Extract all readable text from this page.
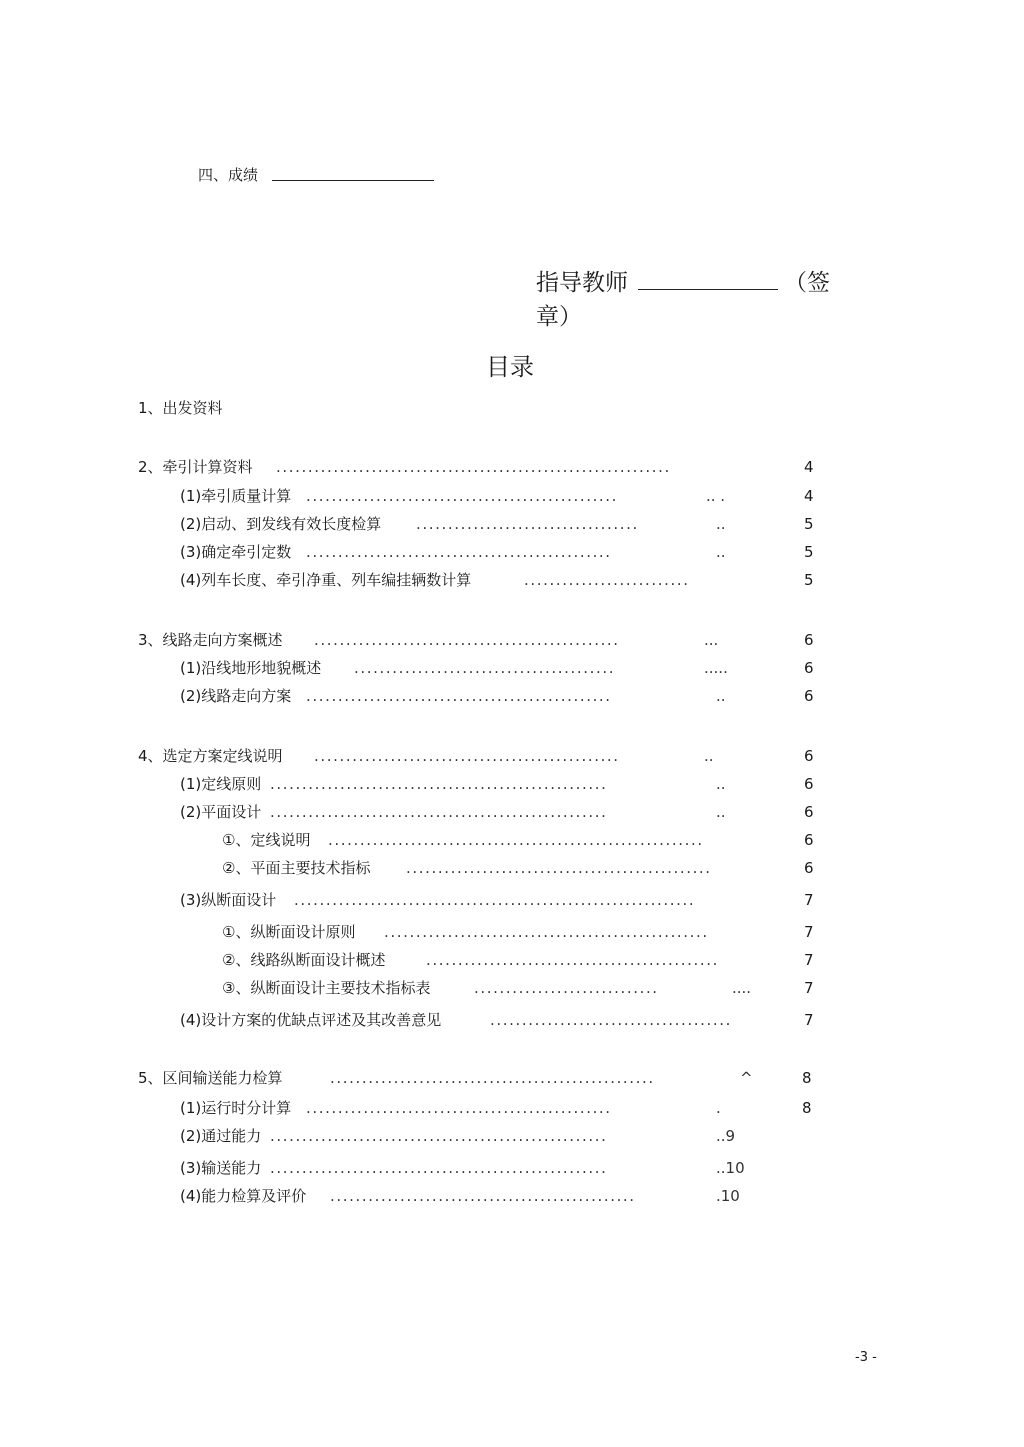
四、成绩
指导教师	（签
章）
目录
1、出发资料
2、牵引计算资料 ..............................................................	4
(1)牵引质量计算 .................................................	.. .	4
(2)启动、到发线有效长度检算 ...................................	..	5
(3)确定牵引定数 ................................................	..	5
(4)列车长度、牵引净重、列车编挂辆数计算	..........................	5
3、线路走向方案概述 ................................................	...	6
(1)沿线地形地貌概述 .........................................	.....	6
(2)线路走向方案 ................................................	..	6
4、选定方案定线说明 ................................................	..	6
(1)定线原则 .....................................................	..	6
(2)平面设计 .....................................................	..	6
①、定线说明 ...........................................................	6
②、平面主要技术指标 ................................................	6
(3)纵断面设计 ...............................................................	7
①、纵断面设计原则 ...................................................	7
②、线路纵断面设计概述	..............................................	7
③、纵断面设计主要技术指标表	.............................	....	7
(4)设计方案的优缺点评述及其改善意见	......................................	7
5、区间输送能力检算	...................................................	^	8
(1)运行时分计算 ................................................	.	8
(2)通过能力 .....................................................	..9
(3)输送能力 .....................................................	..10
(4)能力检算及评价 ................................................	.10
-3 -
